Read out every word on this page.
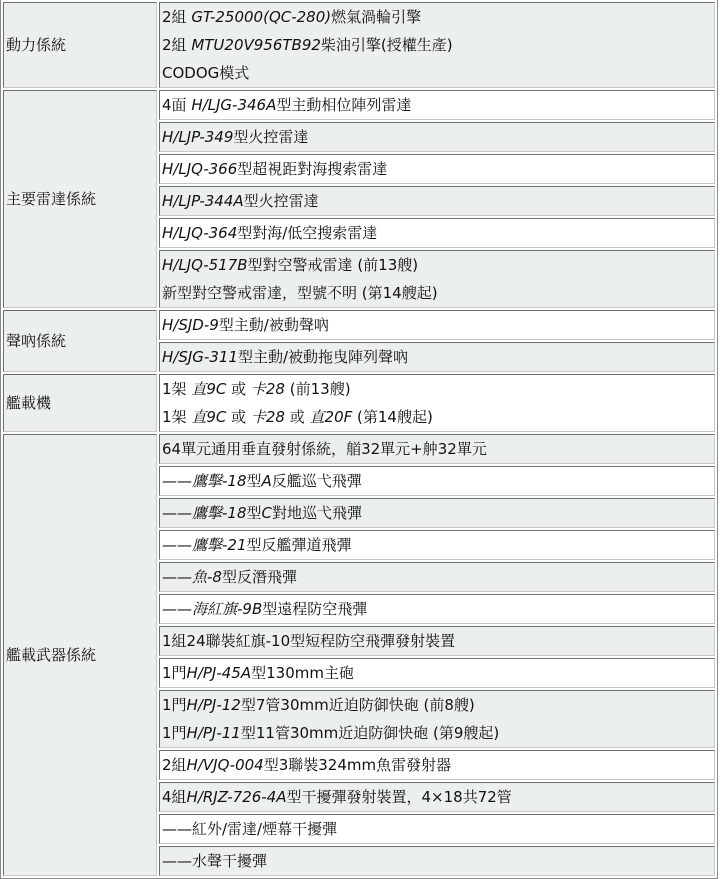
動力係統	2組 GT-25000(QC-280)燃氣渦輪引擎
2組 MTU20V956TB92柴油引擎(授權生產)
CODOG模式

主要雷達係統	4面 H/LJG-346A型主動相位陣列雷達

	H/LJP-349型火控雷達

	H/LJQ-366型超視距對海搜索雷達

	H/LJP-344A型火控雷達

	H/LJQ-364型對海/低空搜索雷達

	H/LJQ-517B型對空警戒雷達 (前13艘)
新型對空警戒雷達，型號不明 (第14艘起)

聲吶係統	H/SJD-9型主動/被動聲吶

	H/SJG-311型主動/被動拖曳陣列聲吶

艦載機	1架 直9C 或 卡28 (前13艘)
1架 直9C 或 卡28 或 直20F (第14艘起)

艦載武器係統	64單元通用垂直發射係統，艏32單元+舯32單元

	——鷹擊-18型A反艦巡弋飛彈

	——鷹擊-18型C對地巡弋飛彈

	——鷹擊-21型反艦彈道飛彈

	——魚-8型反潛飛彈

	——海紅旗-9B型遠程防空飛彈

	1組24聯裝紅旗-10型短程防空飛彈發射裝置

	1門H/PJ-45A型130mm主砲

	1門H/PJ-12型7管30mm近迫防御快砲 (前8艘)
1門H/PJ-11型11管30mm近迫防御快砲 (第9艘起)

	2組H/VJQ-004型3聯裝324mm魚雷發射器

	4組H/RJZ-726-4A型干擾彈發射裝置，4×18共72管

	——紅外/雷達/煙幕干擾彈

	——水聲干擾彈
